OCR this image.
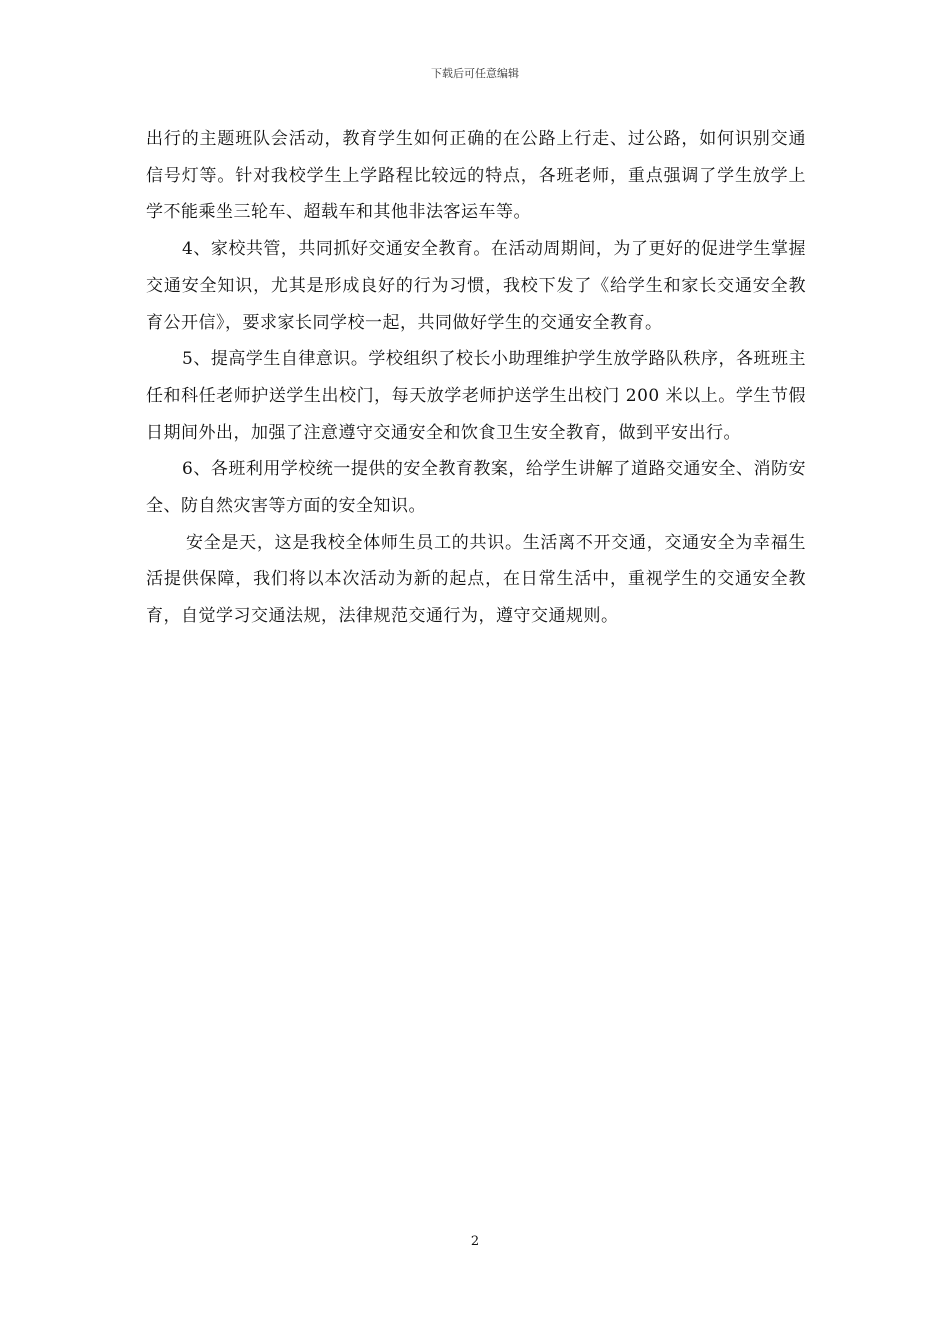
下载后可任意编辑

出行的主题班队会活动，教育学生如何正确的在公路上行走、过公路，如何识别交通信号灯等。针对我校学生上学路程比较远的特点，各班老师，重点强调了学生放学上学不能乘坐三轮车、超载车和其他非法客运车等。

4、家校共管，共同抓好交通安全教育。在活动周期间，为了更好的促进学生掌握交通安全知识，尤其是形成良好的行为习惯，我校下发了《给学生和家长交通安全教育公开信》，要求家长同学校一起，共同做好学生的交通安全教育。

5、提高学生自律意识。学校组织了校长小助理维护学生放学路队秩序，各班班主任和科任老师护送学生出校门，每天放学老师护送学生出校门 200 米以上。学生节假日期间外出，加强了注意遵守交通安全和饮食卫生安全教育，做到平安出行。

6、各班利用学校统一提供的安全教育教案，给学生讲解了道路交通安全、消防安全、防自然灾害等方面的安全知识。

安全是天，这是我校全体师生员工的共识。生活离不开交通，交通安全为幸福生活提供保障，我们将以本次活动为新的起点，在日常生活中，重视学生的交通安全教育，自觉学习交通法规，法律规范交通行为，遵守交通规则。

2
